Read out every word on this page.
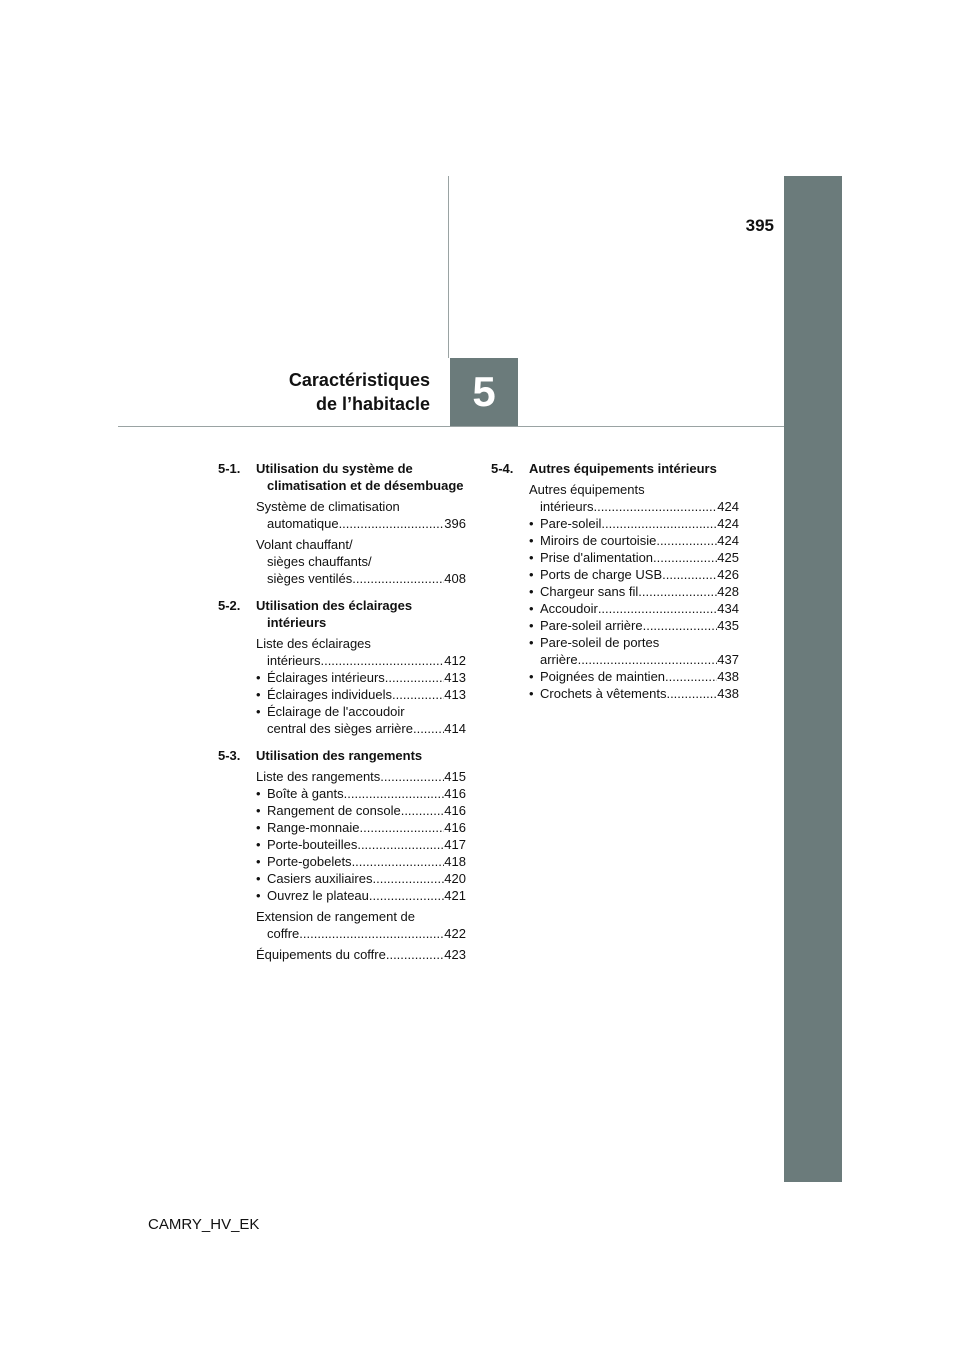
395
Caractéristiques
de l’habitacle	5
5-1.	Utilisation du système de climatisation et de désembuage
Système de climatisation
automatique .....	396
Volant chauffant/
sièges chauffants/
sièges ventilés .....	408
5-2.	Utilisation des éclairages intérieurs
Liste des éclairages
intérieurs .....	412
• Éclairages intérieurs .....	413
• Éclairages individuels .....	413
• Éclairage de l'accoudoir
central des sièges arrière ..... 414
5-3.	Utilisation des rangements
Liste des rangements .....	415
• Boîte à gants .....	416
• Rangement de console .....	416
• Range-monnaie .....	416
• Porte-bouteilles .....	417
• Porte-gobelets .....	418
• Casiers auxiliaires .....	420
• Ouvrez le plateau .....	421
Extension de rangement de
coffre .....	422
Équipements du coffre .....	423
5-4.	Autres équipements intérieurs
Autres équipements
intérieurs .....	424
• Pare-soleil .....	424
• Miroirs de courtoisie .....	424
• Prise d'alimentation .....	425
• Ports de charge USB .....	426
• Chargeur sans fil .....	428
• Accoudoir .....	434
• Pare-soleil arrière .....	435
• Pare-soleil de portes
arrière .....	437
• Poignées de maintien .....	438
• Crochets à vêtements .....	438
CAMRY_HV_EK
